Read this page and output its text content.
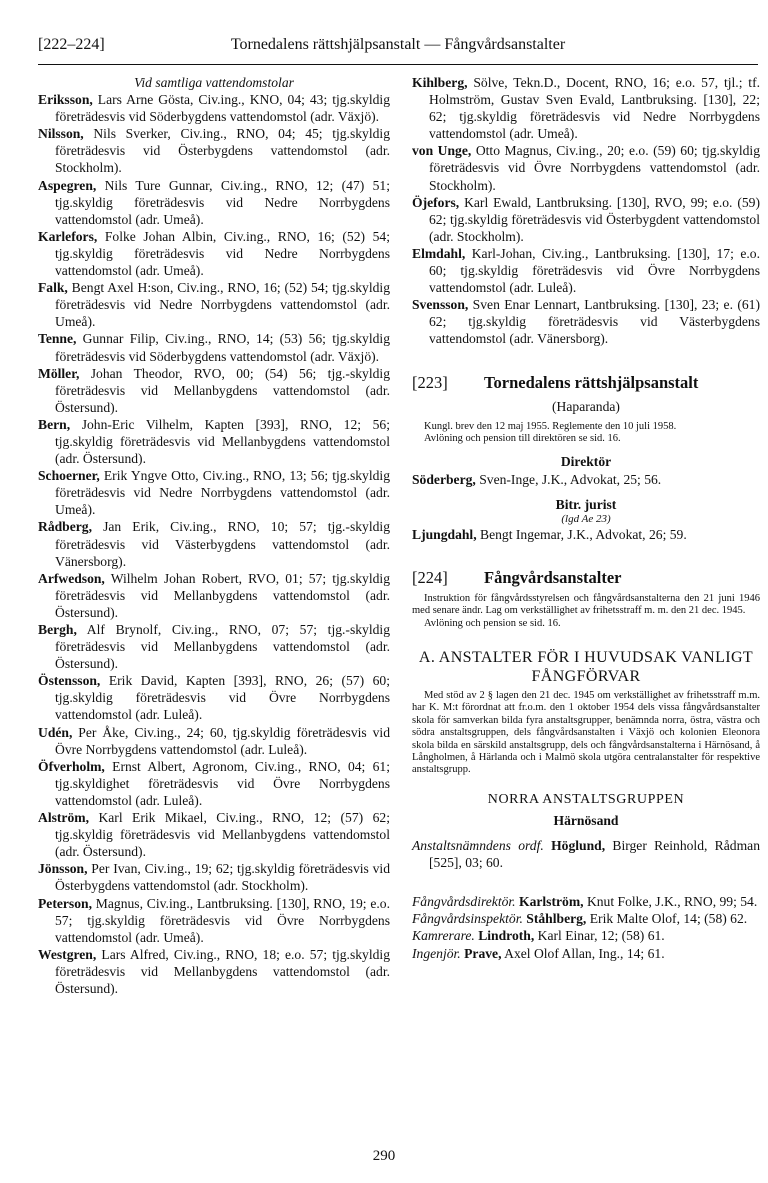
[222–224]	Tornedalens rättshjälpsanstalt — Fångvårdsanstalter

Vid samtliga vattendomstolar

Eriksson, Lars Arne Gösta, Civ.ing., KNO, 04; 43; tjg.skyldig företrädesvis vid Söderbygdens vattendomstol (adr. Växjö).

Nilsson, Nils Sverker, Civ.ing., RNO, 04; 45; tjg.skyldig företrädesvis vid Österbygdens vattendomstol (adr. Stockholm).

Aspegren, Nils Ture Gunnar, Civ.ing., RNO, 12; (47) 51; tjg.skyldig företrädesvis vid Nedre Norrbygdens vattendomstol (adr. Umeå).

Karlefors, Folke Johan Albin, Civ.ing., RNO, 16; (52) 54; tjg.skyldig företrädesvis vid Nedre Norrbygdens vattendomstol (adr. Umeå).

Falk, Bengt Axel H:son, Civ.ing., RNO, 16; (52) 54; tjg.skyldig företrädesvis vid Nedre Norrbygdens vattendomstol (adr. Umeå).

Tenne, Gunnar Filip, Civ.ing., RNO, 14; (53) 56; tjg.skyldig företrädesvis vid Söderbygdens vattendomstol (adr. Växjö).

Möller, Johan Theodor, RVO, 00; (54) 56; tjg.-skyldig företrädesvis vid Mellanbygdens vattendomstol (adr. Östersund).

Bern, John-Eric Vilhelm, Kapten [393], RNO, 12; 56; tjg.skyldig företrädesvis vid Mellanbygdens vattendomstol (adr. Östersund).

Schoerner, Erik Yngve Otto, Civ.ing., RNO, 13; 56; tjg.skyldig företrädesvis vid Nedre Norrbygdens vattendomstol (adr. Umeå).

Rådberg, Jan Erik, Civ.ing., RNO, 10; 57; tjg.-skyldig företrädesvis vid Västerbygdens vattendomstol (adr. Vänersborg).

Arfwedson, Wilhelm Johan Robert, RVO, 01; 57; tjg.skyldig företrädesvis vid Mellanbygdens vattendomstol (adr. Östersund).

Bergh, Alf Brynolf, Civ.ing., RNO, 07; 57; tjg.-skyldig företrädesvis vid Mellanbygdens vattendomstol (adr. Östersund).

Östensson, Erik David, Kapten [393], RNO, 26; (57) 60; tjg.skyldig företrädesvis vid Övre Norrbygdens vattendomstol (adr. Luleå).

Udén, Per Åke, Civ.ing., 24; 60, tjg.skyldig företrädesvis vid Övre Norrbygdens vattendomstol (adr. Luleå).

Öfverholm, Ernst Albert, Agronom, Civ.ing., RNO, 04; 61; tjg.skyldighet företrädesvis vid Övre Norrbygdens vattendomstol (adr. Luleå).

Alström, Karl Erik Mikael, Civ.ing., RNO, 12; (57) 62; tjg.skyldig företrädesvis vid Mellanbygdens vattendomstol (adr. Östersund).

Jönsson, Per Ivan, Civ.ing., 19; 62; tjg.skyldig företrädesvis vid Österbygdens vattendomstol (adr. Stockholm).

Peterson, Magnus, Civ.ing., Lantbruksing. [130], RNO, 19; e.o. 57; tjg.skyldig företrädesvis vid Övre Norrbygdens vattendomstol (adr. Umeå).

Westgren, Lars Alfred, Civ.ing., RNO, 18; e.o. 57; tjg.skyldig företrädesvis vid Mellanbygdens vattendomstol (adr. Östersund).

Kihlberg, Sölve, Tekn.D., Docent, RNO, 16; e.o. 57, tjl.; tf. Holmström, Gustav Sven Evald, Lantbruksing. [130], 22; 62; tjg.skyldig företrädesvis vid Nedre Norrbygdens vattendomstol (adr. Umeå).

von Unge, Otto Magnus, Civ.ing., 20; e.o. (59) 60; tjg.skyldig företrädesvis vid Övre Norrbygdens vattendomstol (adr. Stockholm).

Öjefors, Karl Ewald, Lantbruksing. [130], RVO, 99; e.o. (59) 62; tjg.skyldig företrädesvis vid Österbygdent vattendomstol (adr. Stockholm).

Elmdahl, Karl-Johan, Civ.ing., Lantbruksing. [130], 17; e.o. 60; tjg.skyldig företrädesvis vid Övre Norrbygdens vattendomstol (adr. Luleå).

Svensson, Sven Enar Lennart, Lantbruksing. [130], 23; e. (61) 62; tjg.skyldig företrädesvis vid Västerbygdens vattendomstol (adr. Vänersborg).

[223] Tornedalens rättshjälpsanstalt

(Haparanda)

Kungl. brev den 12 maj 1955. Reglemente den 10 juli 1958.

Avlöning och pension till direktören se sid. 16.

Direktör

Söderberg, Sven-Inge, J.K., Advokat, 25; 56.

Bitr. jurist

(lgd Ae 23)

Ljungdahl, Bengt Ingemar, J.K., Advokat, 26; 59.

[224] Fångvårdsanstalter

Instruktion för fångvårdsstyrelsen och fångvårdsanstalterna den 21 juni 1946 med senare ändr. Lag om verkställighet av frihetsstraff m. m. den 21 dec. 1945.

Avlöning och pension se sid. 16.

A. ANSTALTER FÖR I HUVUDSAK VANLIGT FÅNGFÖRVAR

Med stöd av 2 § lagen den 21 dec. 1945 om verkställighet av frihetsstraff m.m. har K. M:t förordnat att fr.o.m. den 1 oktober 1954 dels vissa fångvårdsanstalter skola för samverkan bilda fyra anstaltsgrupper, benämnda norra, östra, västra och södra anstaltsgruppen, dels fångvårdsanstalten i Växjö och kolonien Eleonora skola bilda en särskild anstaltsgrupp, dels och fångvårdsanstalterna i Härnösand, å Långholmen, å Härlanda och i Malmö skola utgöra centralanstalter för respektive anstaltsgrupp.

NORRA ANSTALTSGRUPPEN

Härnösand

Anstaltsnämndens ordf. Höglund, Birger Reinhold, Rådman [525], 03; 60.

Fångvårdsdirektör. Karlström, Knut Folke, J.K., RNO, 99; 54.

Fångvårdsinspektör. Ståhlberg, Erik Malte Olof, 14; (58) 62.

Kamrerare. Lindroth, Karl Einar, 12; (58) 61.

Ingenjör. Prave, Axel Olof Allan, Ing., 14; 61.

290
